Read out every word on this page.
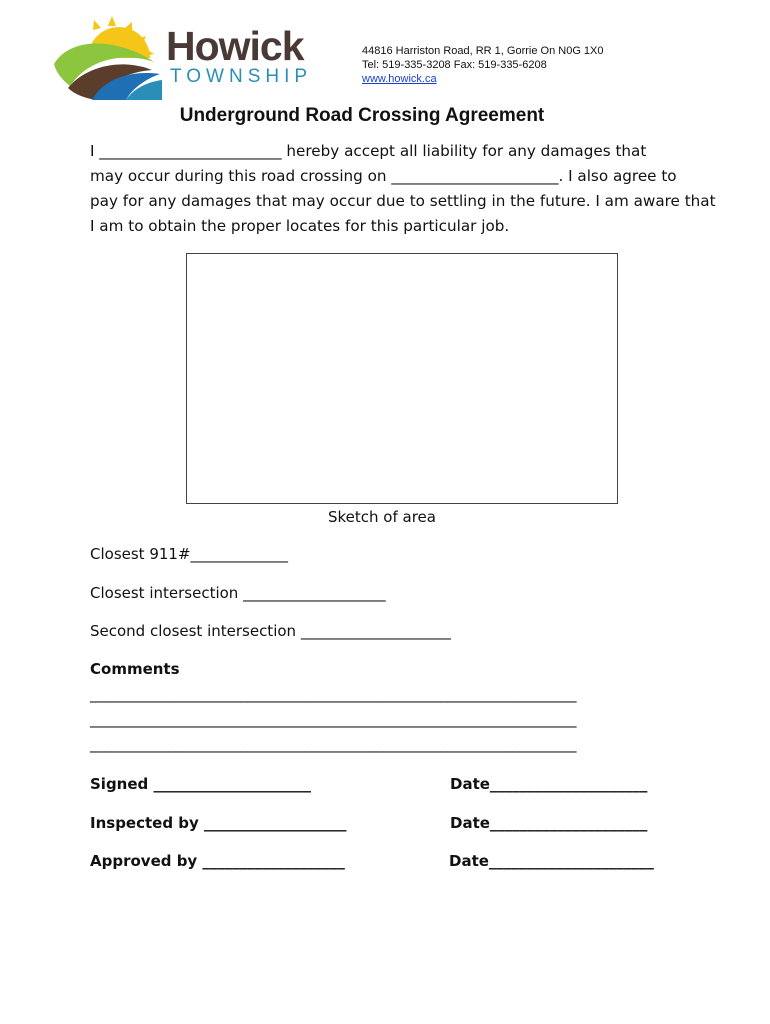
Howick
TOWNSHIP
44816 Harriston Road, RR 1, Gorrie On N0G 1X0
Tel: 519-335-3208 Fax: 519-335-6208
www.howick.ca
Underground Road Crossing Agreement
I ________________________ hereby accept all liability for any damages that
may occur during this road crossing on ______________________. I also agree to
pay for any damages that may occur due to settling in the future. I am aware that
I am to obtain the proper locates for this particular job.
Sketch of area
Closest 911#_____________
Closest intersection ___________________
Second closest intersection ____________________
Comments
____________________________________________________________________
____________________________________________________________________
____________________________________________________________________
Signed _____________________	Date_____________________
Inspected by ___________________	Date_____________________
Approved by ___________________	Date______________________
